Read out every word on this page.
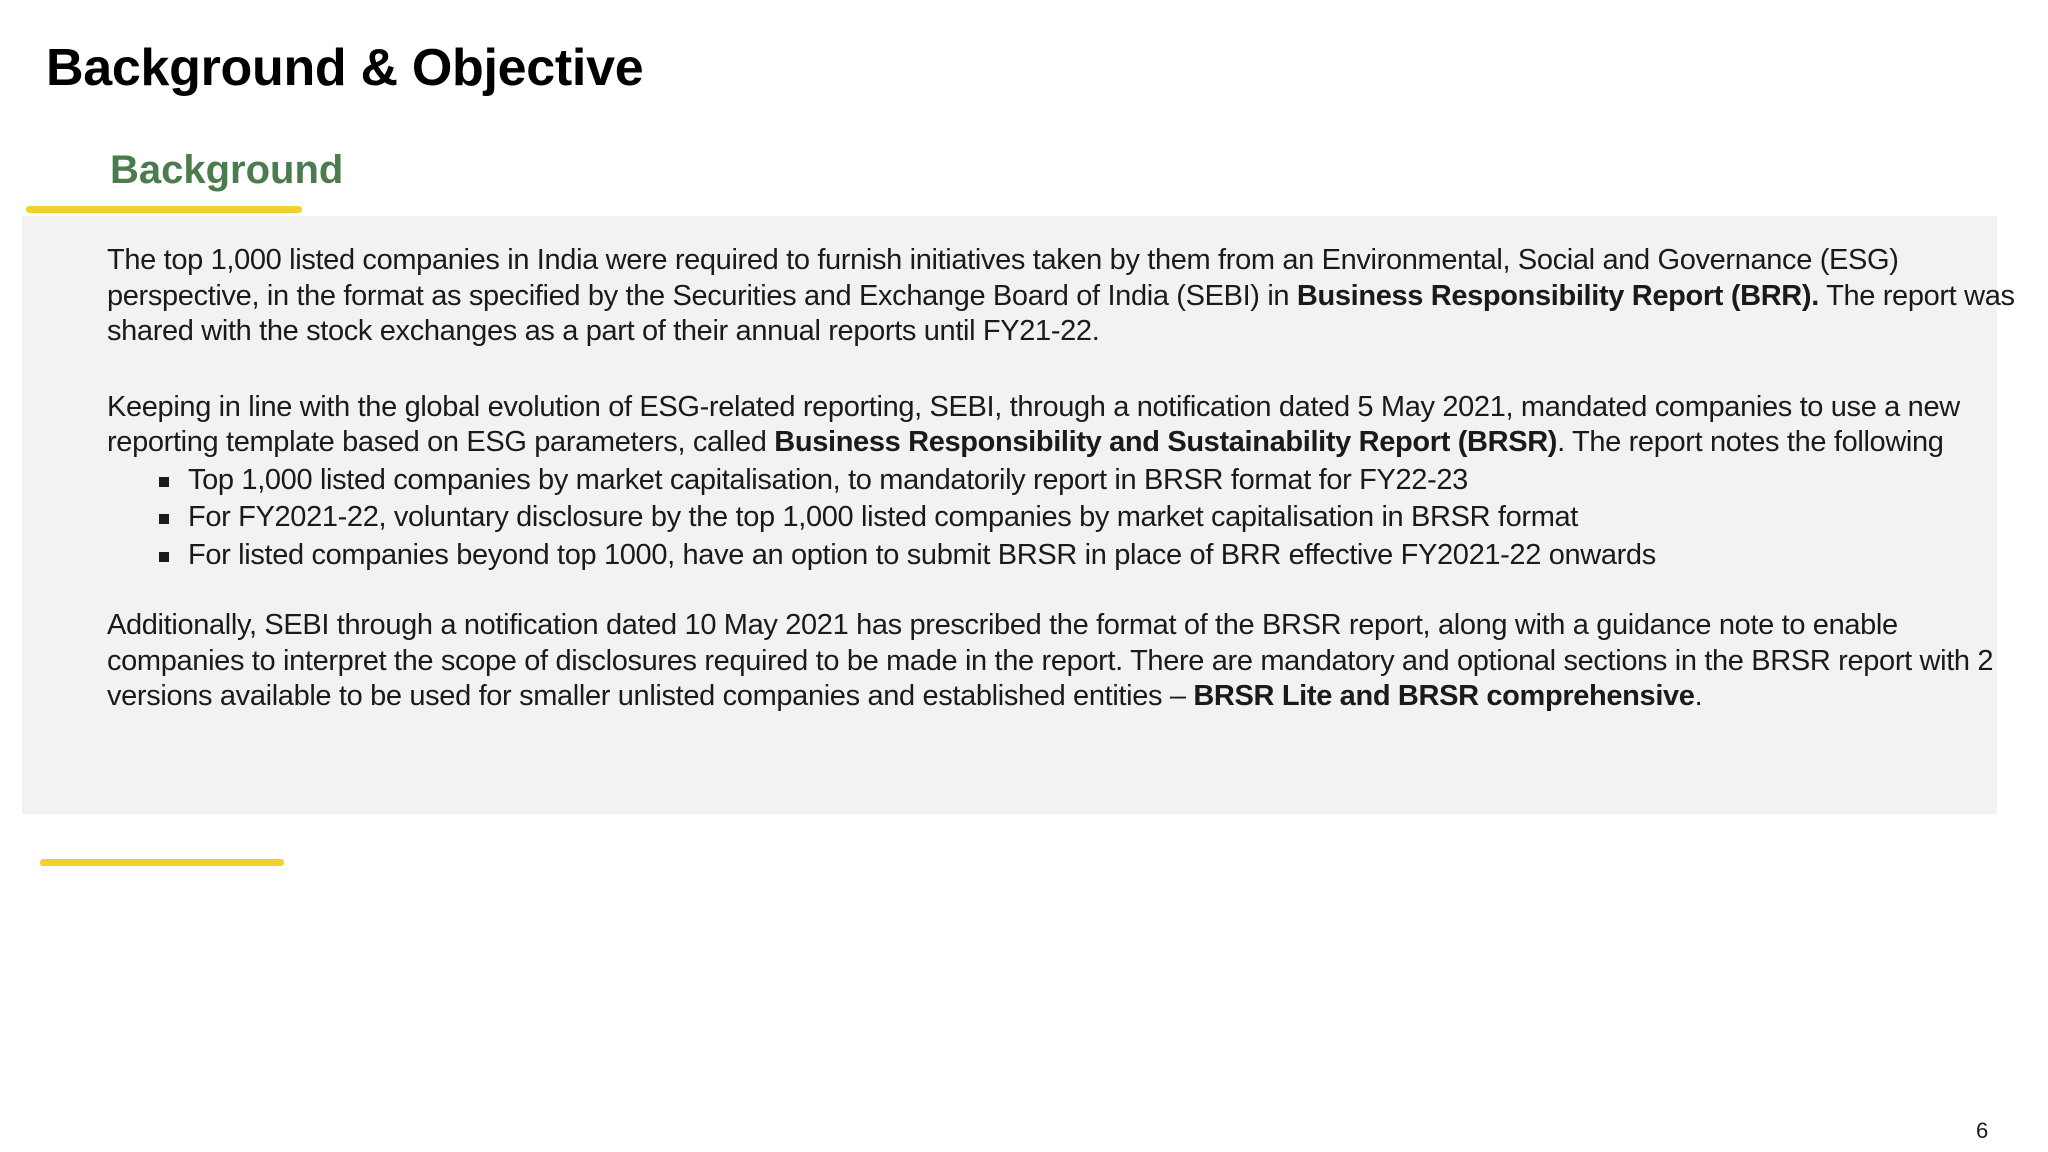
Background & Objective
Background

The top 1,000 listed companies in India were required to furnish initiatives taken by them from an Environmental, Social and Governance (ESG) perspective, in the format as specified by the Securities and Exchange Board of India (SEBI) in Business Responsibility Report (BRR). The report was shared with the stock exchanges as a part of their annual reports until FY21-22.

Keeping in line with the global evolution of ESG-related reporting, SEBI, through a notification dated 5 May 2021, mandated companies to use a new reporting template based on ESG parameters, called Business Responsibility and Sustainability Report (BRSR). The report notes the following

Top 1,000 listed companies by market capitalisation, to mandatorily report in BRSR format for FY22-23
For FY2021-22, voluntary disclosure by the top 1,000 listed companies by market capitalisation in BRSR format
For listed companies beyond top 1000, have an option to submit BRSR in place of BRR effective FY2021-22 onwards

Additionally, SEBI through a notification dated 10 May 2021 has prescribed the format of the BRSR report, along with a guidance note to enable companies to interpret the scope of disclosures required to be made in the report. There are mandatory and optional sections in the BRSR report with 2 versions available to be used for smaller unlisted companies and established entities – BRSR Lite and BRSR comprehensive.

6
